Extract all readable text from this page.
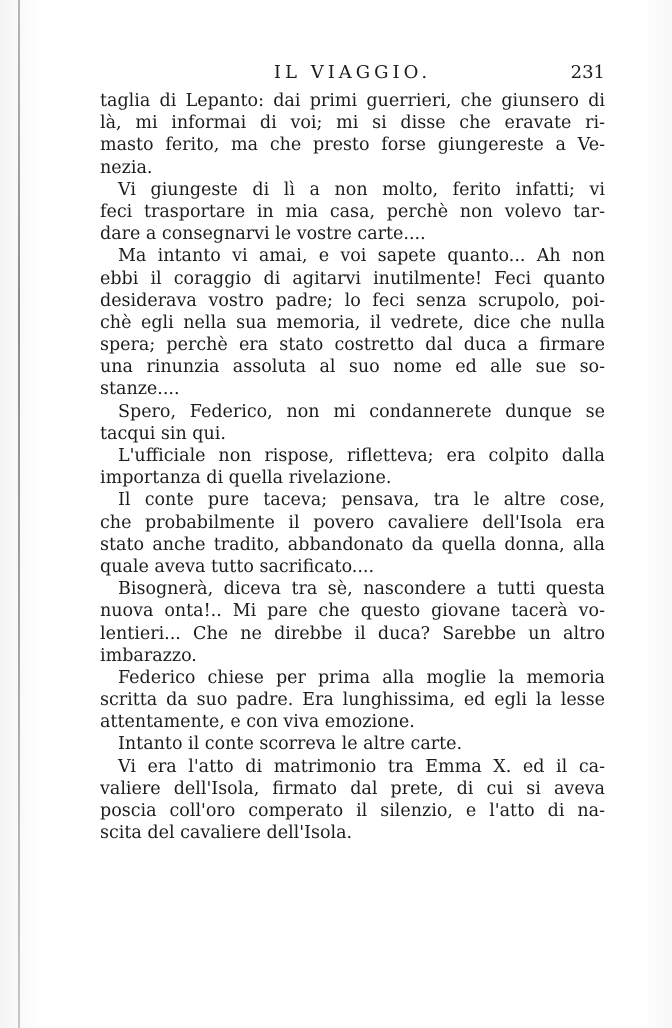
IL VIAGGIO.	231
taglia di Lepanto: dai primi guerrieri, che giunsero di
là, mi informai di voi; mi si disse che eravate ri-
masto ferito, ma che presto forse giungereste a Ve-
nezia.
Vi giungeste di lì a non molto, ferito infatti; vi
feci trasportare in mia casa, perchè non volevo tar-
dare a consegnarvi le vostre carte....
Ma intanto vi amai, e voi sapete quanto... Ah non
ebbi il coraggio di agitarvi inutilmente! Feci quanto
desiderava vostro padre; lo feci senza scrupolo, poi-
chè egli nella sua memoria, il vedrete, dice che nulla
spera; perchè era stato costretto dal duca a firmare
una rinunzia assoluta al suo nome ed alle sue so-
stanze....
Spero, Federico, non mi condannerete dunque se
tacqui sin qui.
L'ufficiale non rispose, riflettevа; era colpito dalla
importanza di quella rivelazione.
Il conte pure taceva; pensava, tra le altre cose,
che probabilmente il povero cavaliere dell'Isola era
stato anche tradito, abbandonato da quella donna, alla
quale aveva tutto sacrificato....
Bisognerà, diceva tra sè, nascondere a tutti questa
nuova onta!.. Mi pare che questo giovane tacerà vo-
lentieri... Che ne direbbe il duca? Sarebbe un altro
imbarazzo.
Federico chiese per prima alla moglie la memoria
scritta da suo padre. Era lunghissima, ed egli la lesse
attentamente, e con viva emozione.
Intanto il conte scorreva le altre carte.
Vi era l'atto di matrimonio tra Emma X. ed il ca-
valiere dell'Isola, firmato dal prete, di cui si aveva
poscia coll'oro comperato il silenzio, e l'atto di na-
scita del cavaliere dell'Isola.
